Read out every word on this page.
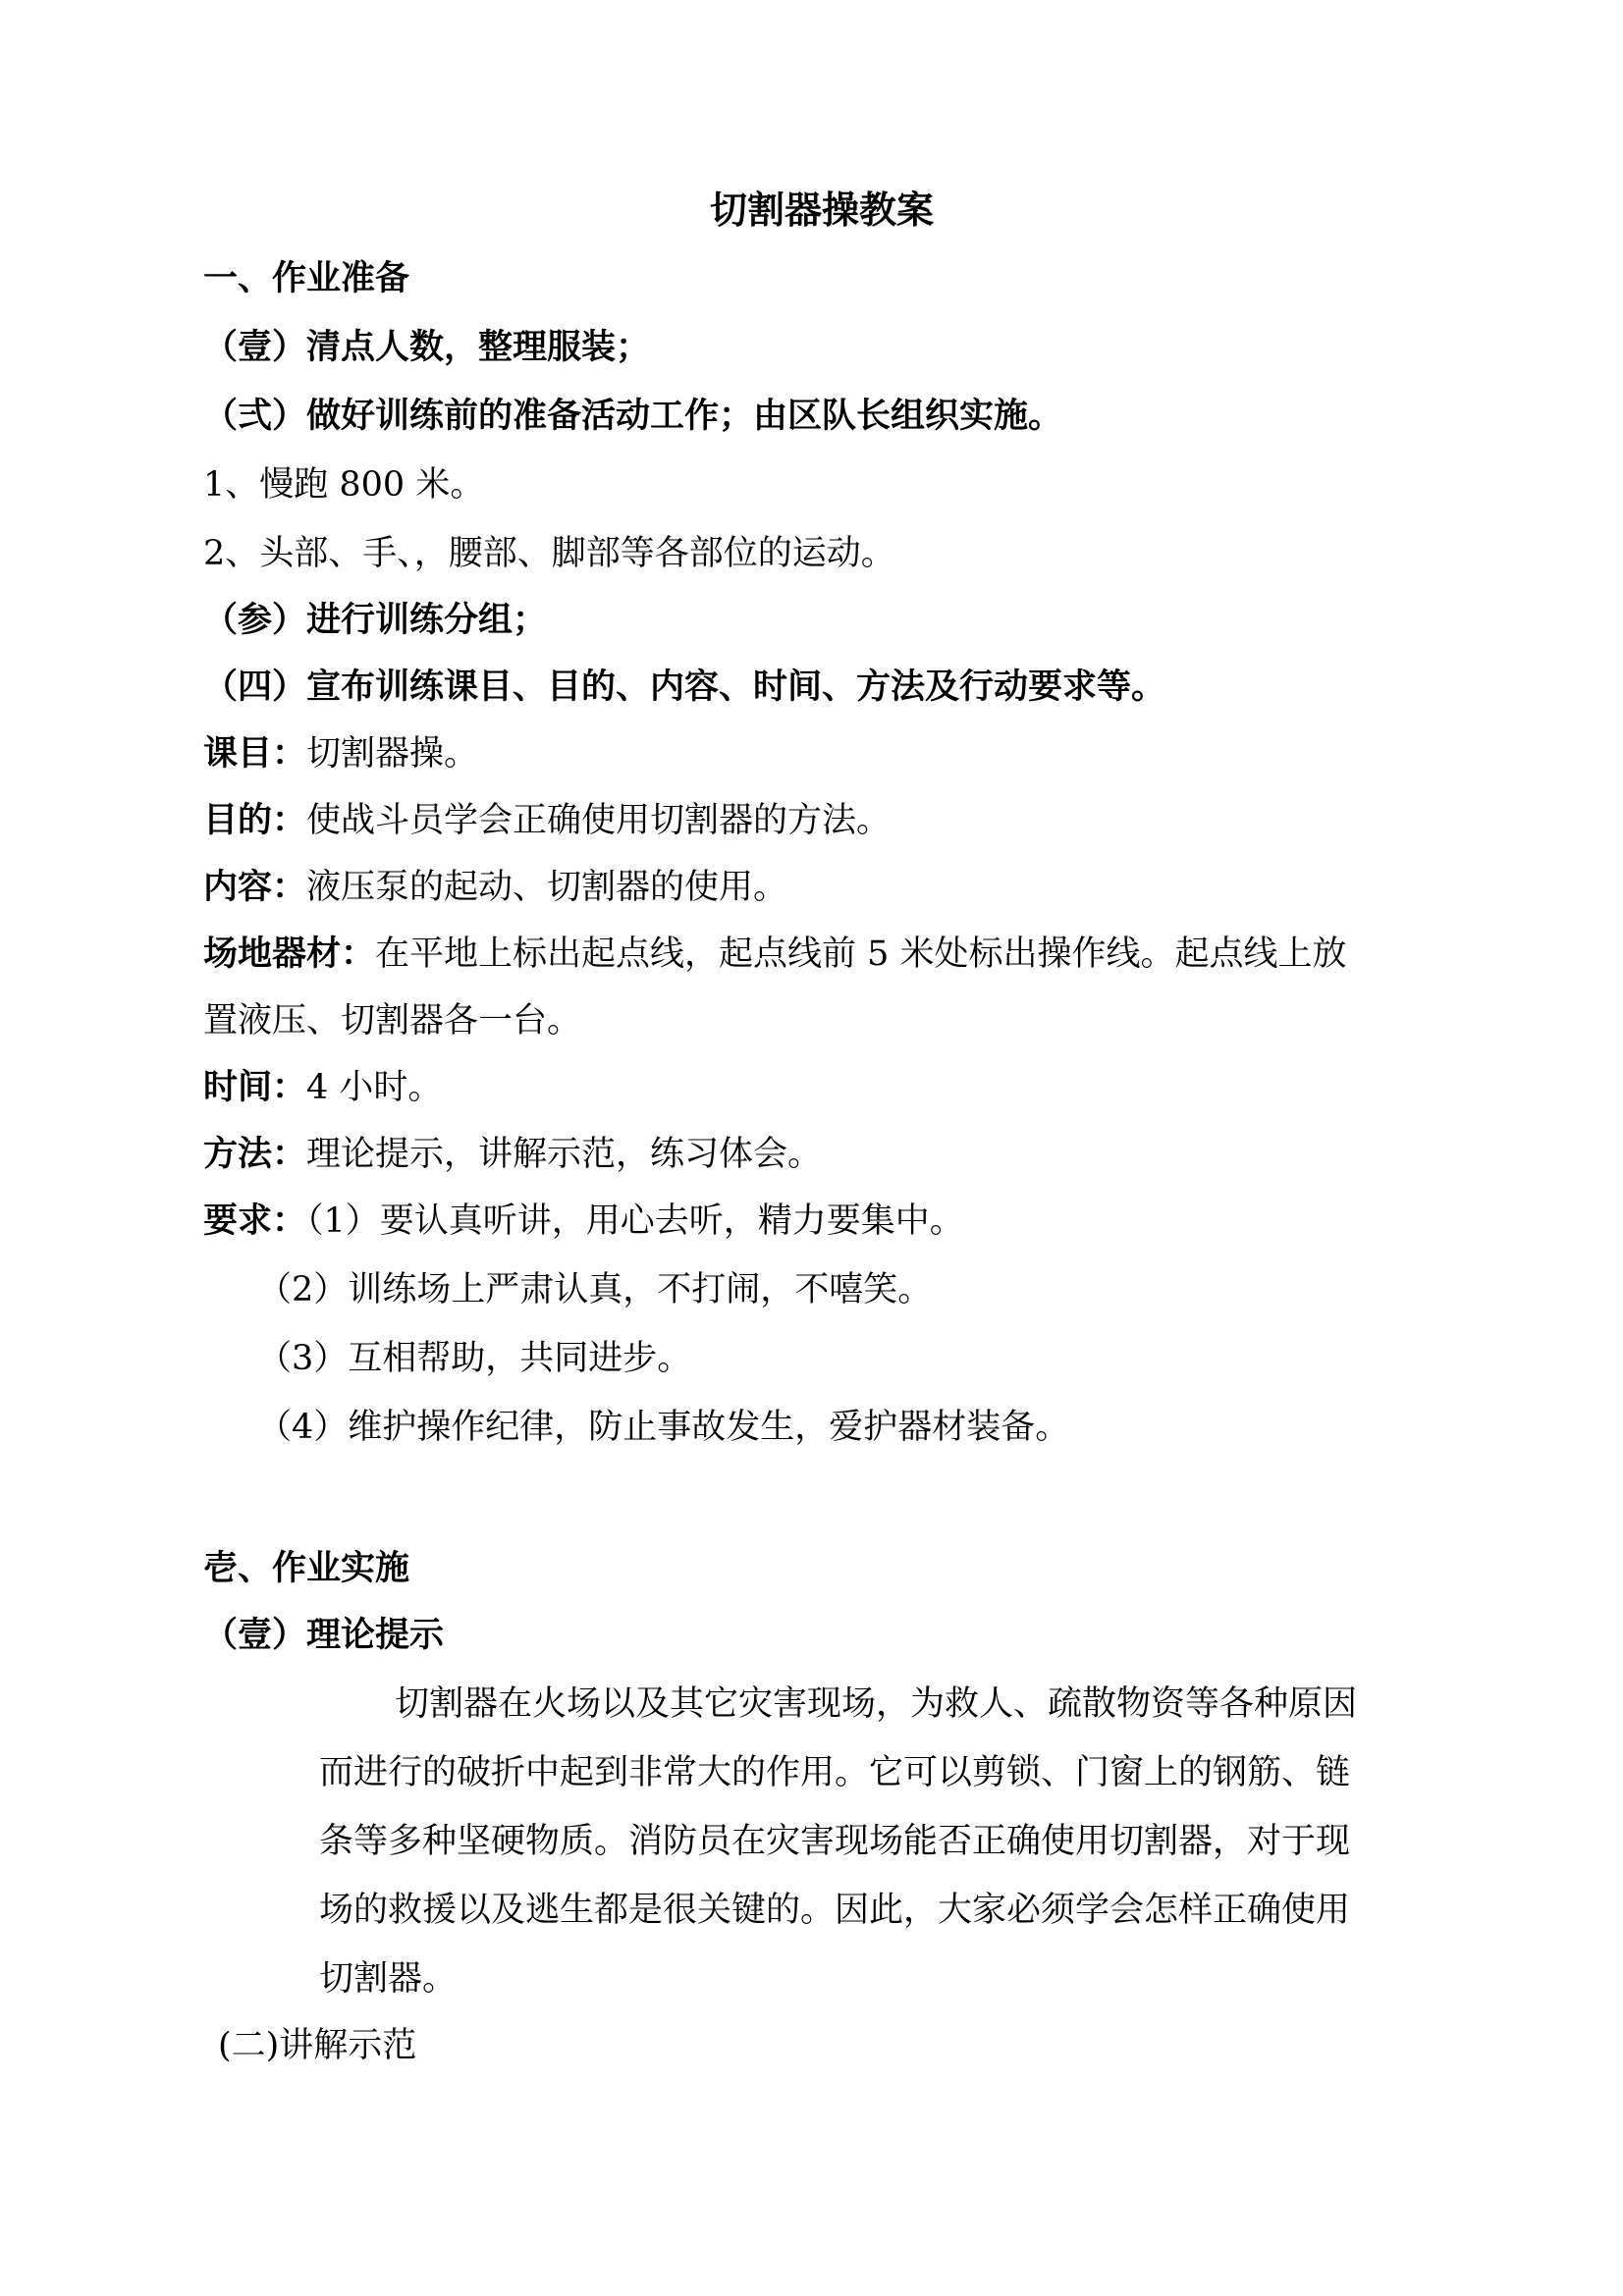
切割器操教案
一、作业准备
（壹）清点人数，整理服装；
（弍）做好训练前的准备活动工作；由区队长组织实施。
1、慢跑 800 米。
2、头部、手、，腰部、脚部等各部位的运动。
（参）进行训练分组；
（四）宣布训练课目、目的、内容、时间、方法及行动要求等。
课目：切割器操。
目的：使战斗员学会正确使用切割器的方法。
内容：液压泵的起动、切割器的使用。
场地器材：在平地上标出起点线，起点线前 5 米处标出操作线。起点线上放
置液压、切割器各一台。
时间：4 小时。
方法：理论提示，讲解示范，练习体会。
要求：（1）要认真听讲，用心去听，精力要集中。
（2）训练场上严肃认真，不打闹，不嘻笑。
（3）互相帮助，共同进步。
（4）维护操作纪律，防止事故发生，爱护器材装备。
壱、作业实施
（壹）理论提示
切割器在火场以及其它灾害现场，为救人、疏散物资等各种原因
而进行的破折中起到非常大的作用。它可以剪锁、门窗上的钢筋、链
条等多种坚硬物质。消防员在灾害现场能否正确使用切割器，对于现
场的救援以及逃生都是很关键的。因此，大家必须学会怎样正确使用
切割器。
(二)讲解示范
